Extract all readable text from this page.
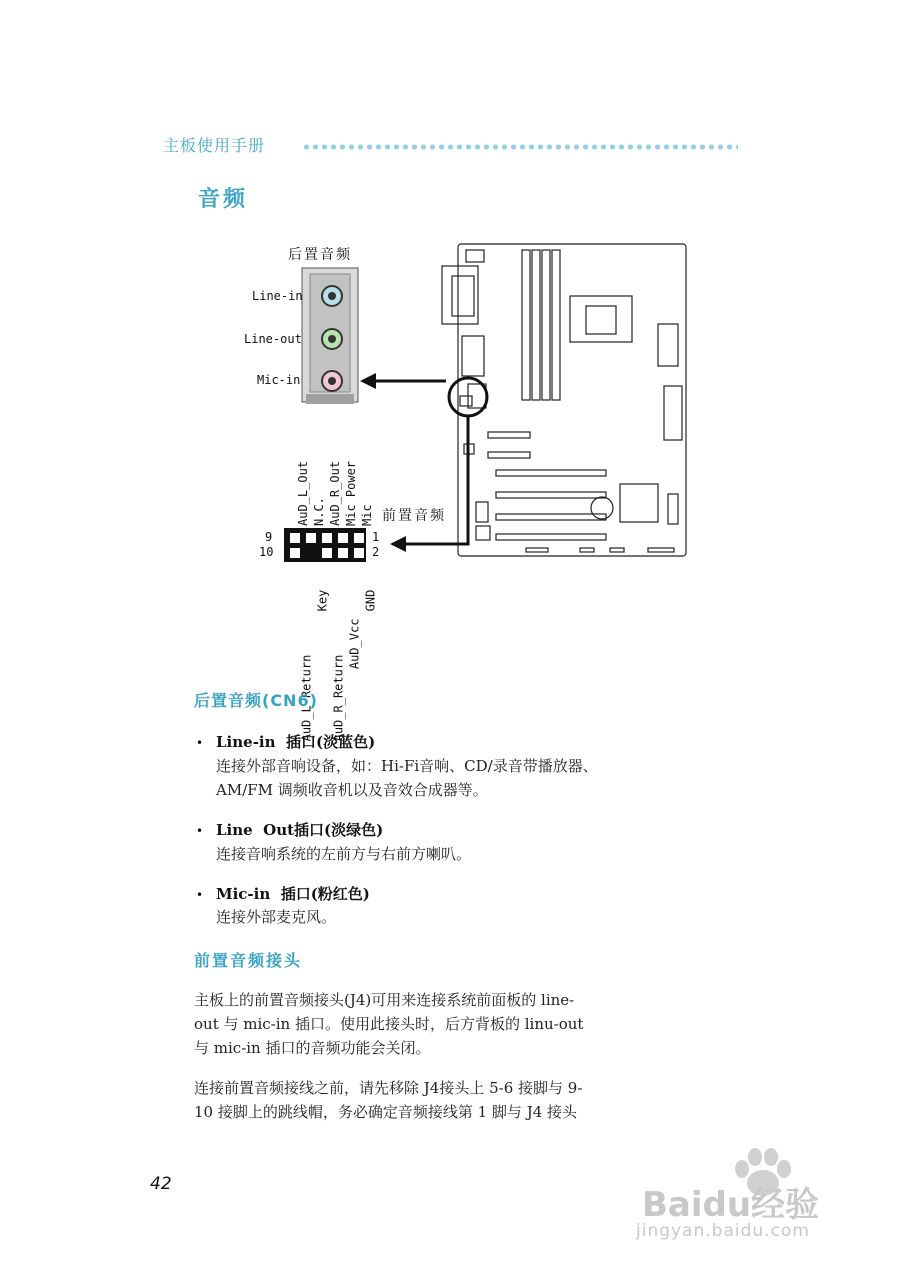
主板使用手册
音频
后置音频
Line-in
Line-out
Mic-in
前置音频
9
10
1
2
AuD_L_Out N.C. AuD_R_Out Mic Power Mic
AuD_L_Return
Key
AuD_R_Return
AuD_Vcc
GND
后置音频(CN6)
• Line-in  插口(淡蓝色)
连接外部音响设备，如：Hi-Fi音响、CD/录音带播放器、
AM/FM 调频收音机以及音效合成器等。
• Line  Out插口(淡绿色)
连接音响系统的左前方与右前方喇叭。
• Mic-in  插口(粉红色)
连接外部麦克风。
前置音频接头
主板上的前置音频接头(J4)可用来连接系统前面板的 line-
out 与 mic-in 插口。使用此接头时，后方背板的 linu-out
与 mic-in 插口的音频功能会关闭。
连接前置音频接线之前，请先移除 J4接头上 5-6 接脚与 9-
10 接脚上的跳线帽，务必确定音频接线第 1 脚与 J4 接头
42
Baidu经验
jingyan.baidu.com
